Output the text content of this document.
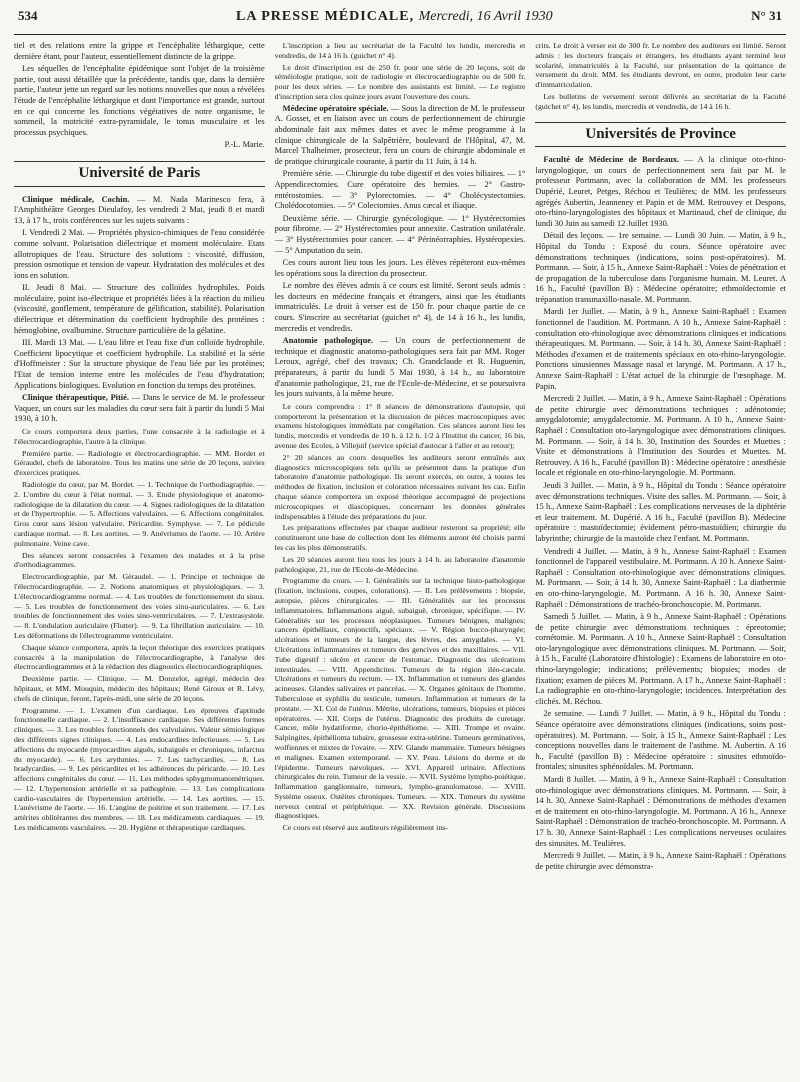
534	LA PRESSE MÉDICALE, Mercredi, 16 Avril 1930	N° 31

tiel et des relations entre la grippe et l'encéphalite léthargique, cette dernière étant, pour l'auteur, essentiellement distincte de la grippe.

Les séquelles de l'encéphalite épidémique sont l'objet de la troisième partie, tout aussi détaillée que la précédente, tandis que, dans la dernière partie, l'auteur jette un regard sur les notions nouvelles que nous a révélées l'étude de l'encéphalite léthargique et dont l'importance est grande, surtout en ce qui concerne les fonctions végétatives de notre organisme, le sommeil, la motricité extra-pyramidale, le tonus musculaire et les processus psychiques.

P.-L. Marie.

Université de Paris

Clinique médicale, Cochin. — M. Nada Marinesco fera, à l'Amphithéâtre Georges Dieulafoy, les vendredi 2 Mai, jeudi 8 et mardi 13, à 17 h., trois conférences sur les sujets suivants :

I. Vendredi 2 Mai. — Propriétés physico-chimiques de l'eau considérée comme solvant. Polarisation diélectrique et moment moléculaire. Etats allotropiques de l'eau. Structure des solutions : viscosité, diffusion, pression osmotique et tension de vapeur. Hydratation des molécules et des ions en solution.

II. Jeudi 8 Mai. — Structure des colloïdes hydrophiles. Poids moléculaire, point iso-électrique et propriétés liées à la réaction du milieu (viscosité, gonflement, température de gélification, stabilité). Polarisation diélectrique et détermination du coefficient hydrophile des protéines : hémoglobine, ovalbumine. Structure particulière de la gélatine.

III. Mardi 13 Mai. — L'eau libre et l'eau fixe d'un colloïde hydrophile. Coefficient lipocytique et coefficient hydrophile. La stabilité et la série d'Hoffmeister : Sur la structure physique de l'eau liée par les protéines; l'Etat de tension interne entre les molécules de l'eau d'hydratation; Applications biologiques. Evolution en fonction du temps des protéines.

Clinique thérapeutique, Pitié. — Dans le service de M. le professeur Vaquez, un cours sur les maladies du cœur sera fait à partir du lundi 5 Mai 1930, à 10 h.

Ce cours comportera deux parties, l'une consacrée à la radiologie et à l'électrocardiographie, l'autre à la clinique.

Première partie. — Radiologie et électrocardiographie. — MM. Bordet et Géraudel, chefs de laboratoire. Tous les matins une série de 20 leçons, suivies d'exercices pratiques.

Radiologie du cœur, par M. Bordet. — 1. Technique de l'orthodiagraphie. — 2. L'ombre du cœur à l'état normal. — 3. Etude physiologique et anatomo-radiologique de la dilatation du cœur. — 4. Signes radiologiques de la dilatation et de l'hypertrophie. — 5. Affections valvulaires. — 6. Affections congénitales. Gros cœur sans lésion valvulaire. Péricardite. Symphyse. — 7. Le pédicule cardiaque normal. — 8. Les aortites. — 9. Anévrismes de l'aorte. — 10. Artère pulmonaire. Veine cave.

Des séances seront consacrées à l'examen des malades et à la prise d'orthodiagrammes.

Electrocardiographie, par M. Géraudel. — 1. Principe et technique de l'électrocardiographie. — 2. Notions anatomiques et physiologiques. — 3. L'électrocardiogramme normal. — 4. Les troubles de fonctionnement du sinus. — 5. Les troubles de fonctionnement des voies sinu-auriculaires. — 6. Les troubles de fonctionnement des voies sino-ventriculaires. — 7. L'extrasystole. — 8. L'ondulation auriculaire (Flutter). — 9. La fibrillation auriculaire. — 10. Les déformations de l'électrogramme ventriculaire.

Chaque séance comportera, après la leçon théorique des exercices pratiques consacrés à la manipulation de l'électrocardiographe, à l'analyse des électrocardiogrammes et à la rédaction des diagnostics électrocardiographiques.

Deuxième partie. — Clinique. — M. Donzelot, agrégé, médecin des hôpitaux, et MM. Mouquin, médecin des hôpitaux; René Giroux et R. Lévy, chefs de clinique, feront, l'après-midi, une série de 20 leçons.

Programme. — 1. L'examen d'un cardiaque. Les épreuves d'aptitude fonctionnelle cardiaque. — 2. L'insuffisance cardiaque. Ses différentes formes cliniques. — 3. Les troubles fonctionnels des valvulaires. Valeur sémiologique des différents signes cliniques. — 4. Les endocardites infectieuses. — 5. Les affections du myocarde (myocardites aiguës, subaiguës et chroniques, infarctus du myocarde). — 6. Les arythmies. — 7. Les tachycardies. — 8. Les bradycardies. — 9. Les péricardites et les adhérences du péricarde. — 10. Les affections congénitales du cœur. — 11. Les méthodes sphygmomanométriques. — 12. L'hypertension artérielle et sa pathogénie. — 13. Les complications cardio-vasculaires de l'hypertension artérielle. — 14. Les aortites. — 15. L'anévrisme de l'aorte. — 16. L'angine de poitrine et son traitement. — 17. Les artérites oblitérantes des membres. — 18. Les médicaments cardiaques. — 19. Les médicaments vasculaires. — 20. Hygiène et thérapeutique cardiaques.

L'inscription a lieu au secrétariat de la Faculté les lundis, mercredis et vendredis, de 14 à 16 h. (guichet n° 4).

Le droit d'inscription est de 250 fr. pour une série de 20 leçons, soit de séméiologie pratique, soit de radiologie et électrocardiographie ou de 500 fr. pour les deux séries. — Le nombre des assistants est limité. — Le registre d'inscription sera clos quinze jours avant l'ouverture des cours.

Médecine opératoire spéciale. — Sous la direction de M. le professeur A. Gosset, et en liaison avec un cours de perfectionnement de chirurgie abdominale fait aux mêmes dates et avec le même programme à la clinique chirurgicale de la Salpêtrière, boulevard de l'Hôpital, 47, M. Marcel Thalheimer, prosecteur, fera un cours de chirurgie abdominale et de pratique chirurgicale courante, à partir du 11 Juin, à 14 h.

Première série. — Chirurgie du tube digestif et des voies biliaires. — 1° Appendicectomies. Cure opératoire des hernies. — 2° Gastro-entérostomies. — 3° Pylorectomies. — 4° Cholécystectomies. Cholédocotomies. — 5° Colectomies. Anus cæcal et iliaque.

Deuxième série. — Chirurgie gynécologique. — 1° Hystérectomies pour fibrome. — 2° Hystérectomies pour annexite. Castration unilatérale. — 3° Hystérectomies pour cancer. — 4° Périnéorraphies. Hystéropexies. — 5° Amputation du sein.

Ces cours auront lieu tous les jours. Les élèves répéteront eux-mêmes les opérations sous la direction du prosecteur.

Le nombre des élèves admis à ce cours est limité. Seront seuls admis : les docteurs en médecine français et étrangers, ainsi que les étudiants immatriculés. Le droit à verser est de 150 fr. pour chaque partie de ce cours. S'inscrire au secrétariat (guichet n° 4), de 14 à 16 h., les lundis, mercredis et vendredis.

Anatomie pathologique. — Un cours de perfectionnement de technique et diagnostic anatomo-pathologiques sera fait par MM. Roger Leroux, agrégé, chef des travaux; Ch. Grandclaude et R. Huguenin, préparateurs, à partir du lundi 5 Mai 1930, à 14 h., au laboratoire d'anatomie pathologique, 21, rue de l'Ecole-de-Médecine, et se poursuivra les jours suivants, à la même heure.

Le cours comprendra : 1° 8 séances de démonstrations d'autopsie, qui comporteront la présentation et la discussion de pièces macroscopiques avec examens histologiques immédiats par congélation. Ces séances auront lieu les lundis, mercredis et vendredis de 10 h. à 12 h. 1/2 à l'Institut du cancer, 16 bis, avenue des Ecoles, à Villejuif (service spécial d'autocar à l'aller et au retour);

2° 20 séances au cours desquelles les auditeurs seront entraînés aux diagnostics microscopiques tels qu'ils se présentent dans la pratique d'un laboratoire d'anatomie pathologique. Ils seront exercés, en outre, à toutes les méthodes de fixation, inclusion et coloration nécessaires suivant les cas. Enfin chaque séance comportera un exposé théorique accompagné de projections microscopiques et diascopiques, concernant les données générales indispensables à l'étude des préparations du jour.

Les préparations effectuées par chaque auditeur resteront sa propriété; elle constitueront une base de collection dont les éléments auront été choisis parmi les cas les plus démonstratifs.

Les 20 séances auront lieu tous les jours à 14 h. au laboratoire d'anatomie pathologique, 21, rue de l'Ecole-de-Médecine.

Programme du cours. — I. Généralités sur la technique histo-pathologique (fixation, inclusions, coupes, colorations). — II. Les prélèvements : biopsie, autopsie, pièces chirurgicales. — III. Généralités sur les processus inflammatoires. Inflammations aiguë, subaiguë, chronique, spécifique. — IV. Généralités sur les processus néoplasiques. Tumeurs bénignes, malignes; cancers épithéliaux, conjonctifs, spéciaux. — V. Région bucco-pharyngée; ulcérations et tumeurs de la langue, des lèvres, des amygdales. — VI. Ulcérations inflammatoires et tumeurs des gencives et des maxillaires. — VII. Tube digestif : ulcère et cancer de l'estomac. Diagnostic des ulcérations intestinales. — VIII. Appendicites. Tumeurs de la région iléo-cæcale. Ulcérations et tumeurs du rectum. — IX. Inflammation et tumeurs des glandes acineuses. Glandes salivaires et pancréas. — X. Organes génitaux de l'homme. Tuberculose et syphilis du testicule, tumeurs. Inflammation et tumeurs de la prostate. — XI. Col de l'utérus. Métrite, ulcérations, tumeurs, biopsies et pièces opératoires. — XII. Corps de l'utérus. Diagnostic des produits de curetage. Cancer, môle hydatiforme, chorio-épithéliome. — XIII. Trompe et ovaire. Salpingites, épithélioma tubaire, grossesse extra-utérine. Tumeurs germinatives, wolfiennes et mixtes de l'ovaire. — XIV. Glande mammaire. Tumeurs bénignes et malignes. Examen extemporané. — XV. Peau. Lésions du derme et de l'épiderme. Tumeurs nævoïques. — XVI. Appareil urinaire. Affections chirurgicales du rein. Tumeur de la vessie. — XVII. Système lympho-poiétique. Inflammation ganglionnaire, tumeurs, lympho-granulomatose. — XVIII. Système osseux. Ostéites chroniques. Tumeurs. — XIX. Tumeurs du système nerveux central et périphérique. — XX. Revision générale. Discussions diagnostiques.

Ce cours est réservé aux auditeurs régulièrement ins-

crits. Le droit à verser est de 300 fr. Le nombre des auditeurs est limité. Seront admis : les docteurs français et étrangers, les étudiants ayant terminé leur scolarité, immatriculés à la Faculté, sur présentation de la quittance de versement du droit. MM. les étudiants devront, en outre, produire leur carte d'immatriculation.

Les bulletins de versement seront délivrés au secrétariat de la Faculté (guichet n° 4), les lundis, mercredis et vendredis, de 14 à 16 h.

Universités de Province

Faculté de Médecine de Bordeaux. — A la clinique oto-rhino-laryngologique, un cours de perfectionnement sera fait par M. le professeur Portmann, avec la collaboration de MM. les professeurs Dupérié, Leuret, Petges, Réchou et Teulières; de MM. les professeurs agrégés Aubertin, Jeanneney et Papin et de MM. Retrouvey et Despons, oto-rhino-laryngologistes des hôpitaux et Martinaud, chef de clinique, du lundi 30 Juin au samedi 12 Juillet 1930.

Détail des leçons. — 1re semaine. — Lundi 30 Juin. — Matin, à 9 h., Hôpital du Tondu : Exposé du cours. Séance opératoire avec démonstrations techniques (indications, soins post-opératoires). M. Portmann. — Soir, à 15 h., Annexe Saint-Raphaël : Voies de pénétration et de propagation de la tuberculose dans l'organisme humain. M. Leuret. A 16 h., Faculté (pavillon B) : Médecine opératoire; ethmoïdectomie et trépanation transmaxillo-nasale. M. Portmann.

Mardi 1er Juillet. — Matin, à 9 h., Annexe Saint-Raphaël : Examen fonctionnel de l'audition. M. Portmann. A 10 h., Annexe Saint-Raphaël : consultation oto-rhinologique avec démonstrations cliniques et indications thérapeutiques. M. Portmann. — Soir, à 14 h. 30, Annexe Saint-Raphaël : Méthodes d'examen et de traitements spéciaux en oto-rhino-laryngologie. Ponctions sinusiennes Massage nasal et laryngé. M. Portmann. A 17 h., Annexe Saint-Raphaël : L'état actuel de la chirurgie de l'œsophage. M. Papin.

Mercredi 2 Juillet. — Matin, à 9 h., Annexe Saint-Raphaël : Opérations de petite chirurgie avec démonstrations techniques : adénotomie; amygdalotomie; amygdalectomie. M. Portmann. A 10 h., Annexe Saint-Raphaël : Consultation oto-laryngologique avec démonstrations cliniques. M. Portmann. — Soir, à 14 h. 30, Institution des Sourdes et Muettes : Visite et démonstrations à l'Institution des Sourdes et Muettes. M. Retrouvey. A 16 h., Faculté (pavillon B) : Médecine opératoire : anesthésie locale et régionale en oto-rhino-laryngologie. M. Portmann.

Jeudi 3 Juillet. — Matin, à 9 h., Hôpital du Tondu : Séance opératoire avec démonstrations techniques. Visite des salles. M. Portmann. — Soir, à 15 h., Annexe Saint-Raphaël : Les complications nerveuses de la diphtérie et leur traitement. M. Dupérié. A 16 h., Faculté (pavillon B). Médecine opératoire : mastoïdectomie; évidement pétro-mastoïdien; chirurgie du labyrinthe; chirurgie de la mastoïde chez l'enfant. M. Portmann.

Vendredi 4 Juillet. — Matin, à 9 h., Annexe Saint-Raphaël : Examen fonctionnel de l'appareil vestibulaire. M. Portmann. A 10 h. Annexe Saint-Raphaël : Consultation oto-rhinologique avec démonstrations cliniques. M. Portmann. — Soir, à 14 h. 30, Annexe Saint-Raphaël : La diathermie en oto-rhino-laryngologie. M. Portmann. A 16 h. 30, Annexe Saint-Raphaël : Démonstrations de trachéo-bronchoscopie. M. Portmann.

Samedi 5 Juillet. — Matin, à 9 h., Annexe Saint-Raphaël : Opérations de petite chirurgie avec démonstrations techniques : épreotomie; cornétomie. M. Portmann. A 10 h., Annexe Saint-Raphaël : Consultation oto-laryngologique avec démonstrations cliniques. M. Portmann. — Soir, à 15 h., Faculté (Laboratoire d'histologie) : Examens de laboratoire en oto-rhino-laryngologie; indications; prélèvements; biopsies; modes de fixation; examen de pièces M. Portmann. A 17 h., Annexe Saint-Raphaël : La radiographie en oto-rhino-laryngologie; incidences. Interprétation des clichés. M. Réchou.

2e semaine. — Lundi 7 Juillet. — Matin, à 9 h., Hôpital du Tondu : Séance opératoire avec démonstrations cliniques (indications, soins post-opératoires). M. Portmann. — Soir, à 15 h., Annexe Saint-Raphaël : Les conceptions nouvelles dans le traitement de l'asthme. M. Aubertin. A 16 h., Faculté (pavillon B) : Médecine opératoire : sinusites ethmoïdo-frontales; sinusites sphénoïdales. M. Portmann.

Mardi 8 Juillet. — Matin, à 9 h., Annexe Saint-Raphaël : Consultation oto-rhinologique avec démonstrations cliniques. M. Portmann. — Soir, à 14 h. 30, Annexe Saint-Raphaël : Démonstrations de méthodes d'examen et de traitement en oto-rhino-laryngologie. M. Portmann. A 16 h., Annexe Saint-Raphaël : Démonstration de trachéo-bronchoscopie. M. Portmann. A 17 h. 30, Annexe Saint-Raphaël : Les complications nerveuses oculaires des sinusites. M. Teulières.

Mercredi 9 Juillet. — Matin, à 9 h., Annexe Saint-Raphaël : Opérations de petite chirurgie avec démonstra-
